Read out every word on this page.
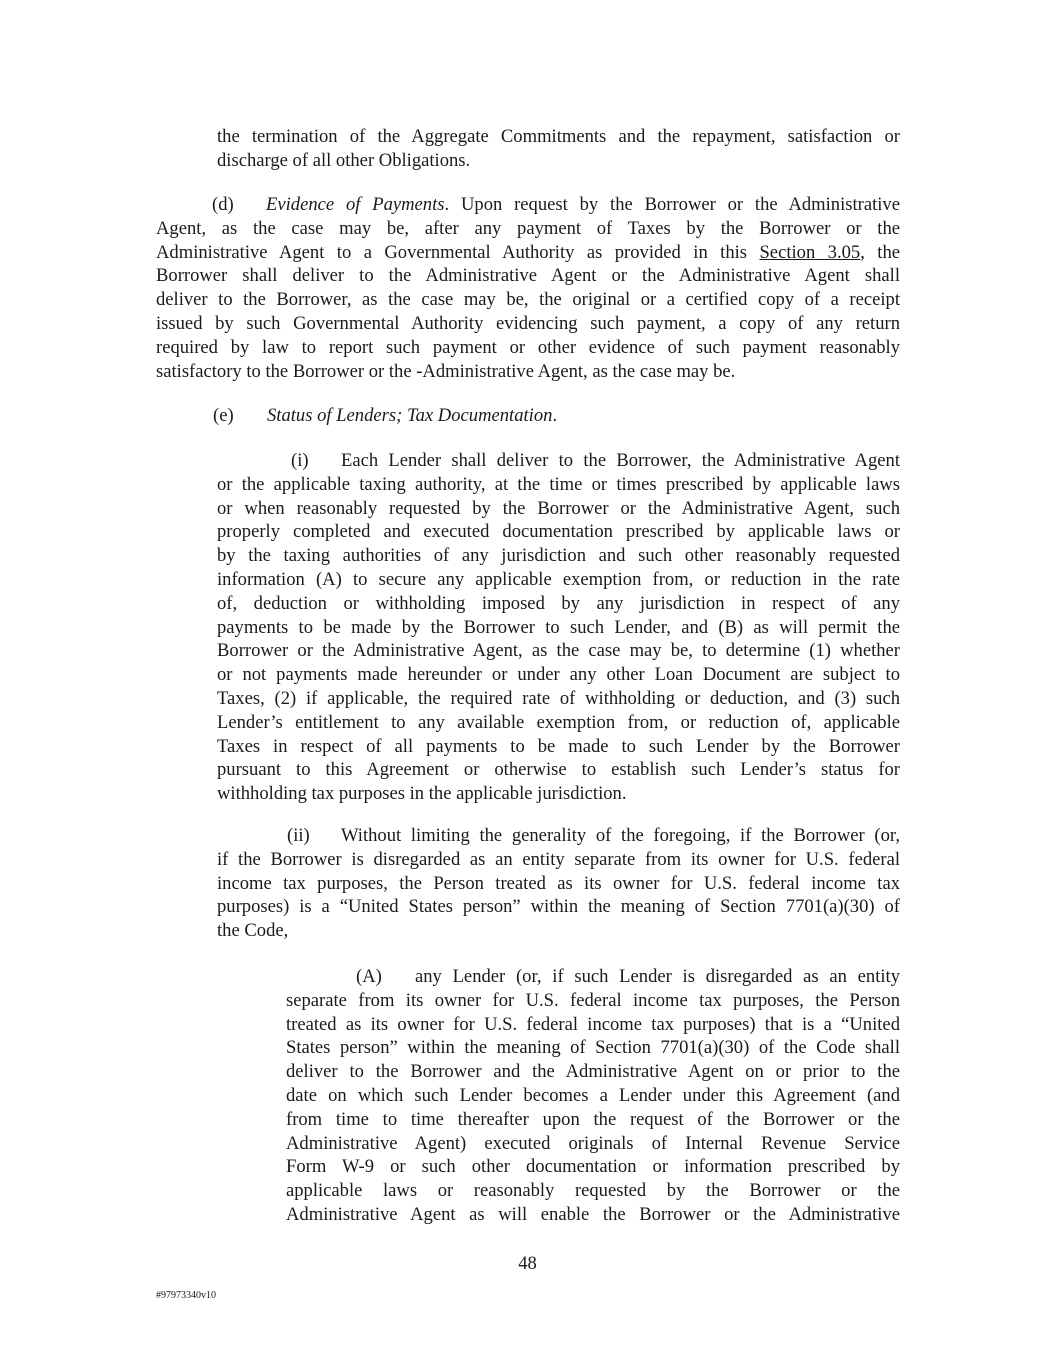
the termination of the Aggregate Commitments and the repayment, satisfaction or
discharge of all other Obligations.
(d) Evidence of Payments. Upon request by the Borrower or the Administrative
Agent, as the case may be, after any payment of Taxes by the Borrower or the
Administrative Agent to a Governmental Authority as provided in this Section 3.05, the
Borrower shall deliver to the Administrative Agent or the Administrative Agent shall
deliver to the Borrower, as the case may be, the original or a certified copy of a receipt
issued by such Governmental Authority evidencing such payment, a copy of any return
required by law to report such payment or other evidence of such payment reasonably
satisfactory to the Borrower or the -Administrative Agent, as the case may be.
(e) Status of Lenders; Tax Documentation.
(i) Each Lender shall deliver to the Borrower, the Administrative Agent
or the applicable taxing authority, at the time or times prescribed by applicable laws
or when reasonably requested by the Borrower or the Administrative Agent, such
properly completed and executed documentation prescribed by applicable laws or
by the taxing authorities of any jurisdiction and such other reasonably requested
information (A) to secure any applicable exemption from, or reduction in the rate
of, deduction or withholding imposed by any jurisdiction in respect of any
payments to be made by the Borrower to such Lender, and (B) as will permit the
Borrower or the Administrative Agent, as the case may be, to determine (1) whether
or not payments made hereunder or under any other Loan Document are subject to
Taxes, (2) if applicable, the required rate of withholding or deduction, and (3) such
Lender’s entitlement to any available exemption from, or reduction of, applicable
Taxes in respect of all payments to be made to such Lender by the Borrower
pursuant to this Agreement or otherwise to establish such Lender’s status for
withholding tax purposes in the applicable jurisdiction.
(ii) Without limiting the generality of the foregoing, if the Borrower (or,
if the Borrower is disregarded as an entity separate from its owner for U.S. federal
income tax purposes, the Person treated as its owner for U.S. federal income tax
purposes) is a “United States person” within the meaning of Section 7701(a)(30) of
the Code,
(A) any Lender (or, if such Lender is disregarded as an entity
separate from its owner for U.S. federal income tax purposes, the Person
treated as its owner for U.S. federal income tax purposes) that is a “United
States person” within the meaning of Section 7701(a)(30) of the Code shall
deliver to the Borrower and the Administrative Agent on or prior to the
date on which such Lender becomes a Lender under this Agreement (and
from time to time thereafter upon the request of the Borrower or the
Administrative Agent) executed originals of Internal Revenue Service
Form W-9 or such other documentation or information prescribed by
applicable laws or reasonably requested by the Borrower or the
Administrative Agent as will enable the Borrower or the Administrative
48
#97973340v10
